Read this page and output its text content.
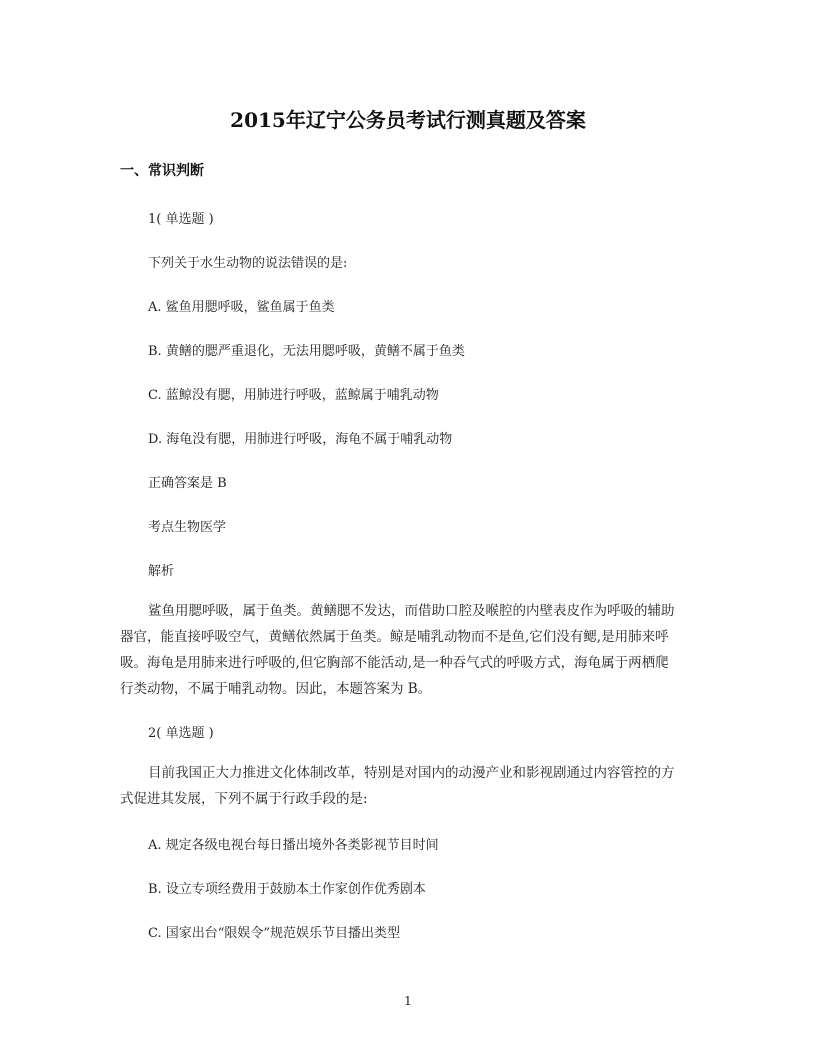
2015年辽宁公务员考试行测真题及答案
一、常识判断
1( 单选题 )
下列关于水生动物的说法错误的是:
A. 鲨鱼用腮呼吸，鲨鱼属于鱼类
B. 黄鳝的腮严重退化，无法用腮呼吸，黄鳝不属于鱼类
C. 蓝鲸没有腮，用肺进行呼吸，蓝鲸属于哺乳动物
D. 海龟没有腮，用肺进行呼吸，海龟不属于哺乳动物
正确答案是 B
考点生物医学
解析
鲨鱼用腮呼吸，属于鱼类。黄鳝腮不发达，而借助口腔及喉腔的内壁表皮作为呼吸的辅助
器官，能直接呼吸空气，黄鳝依然属于鱼类。鲸是哺乳动物而不是鱼,它们没有鳃,是用肺来呼
吸。海龟是用肺来进行呼吸的,但它胸部不能活动,是一种吞气式的呼吸方式，海龟属于两栖爬
行类动物，不属于哺乳动物。因此，本题答案为 B。
2( 单选题 )
目前我国正大力推进文化体制改革，特别是对国内的动漫产业和影视剧通过内容管控的方
式促进其发展，下列不属于行政手段的是:
A. 规定各级电视台每日播出境外各类影视节目时间
B. 设立专项经费用于鼓励本土作家创作优秀剧本
C. 国家出台“限娱令”规范娱乐节目播出类型
1
